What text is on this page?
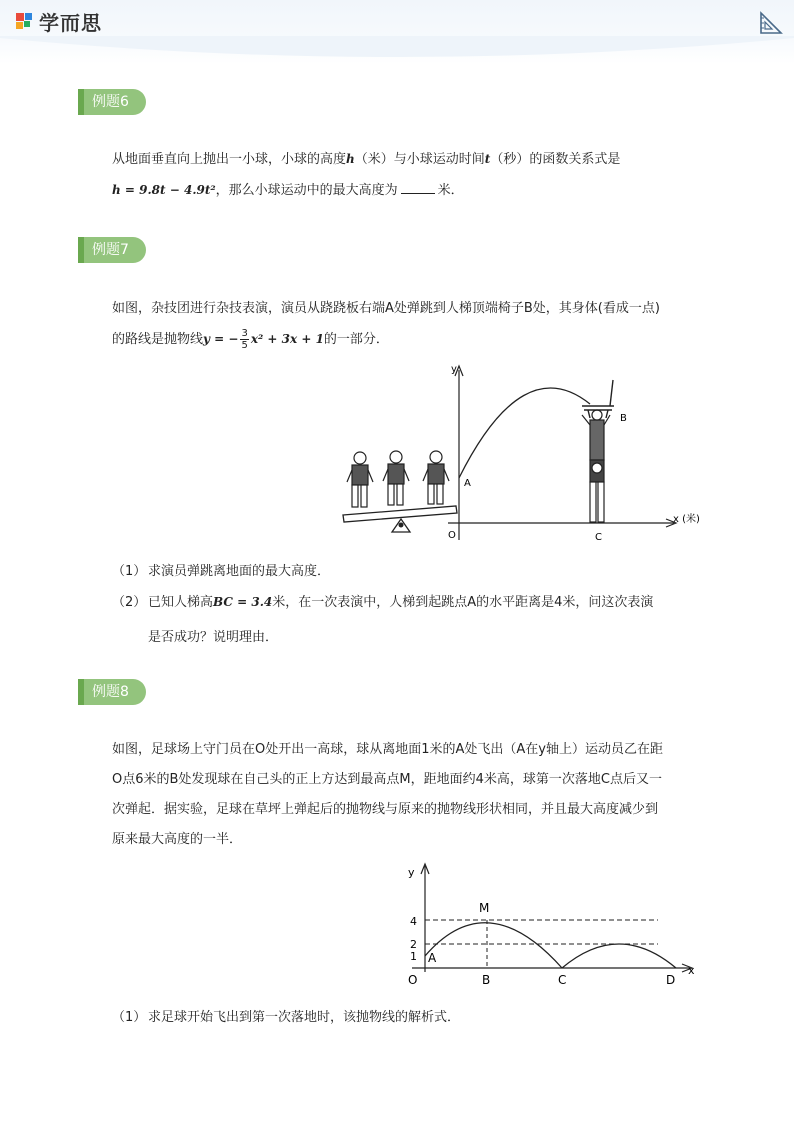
学而思
例题6
从地面垂直向上抛出一小球，小球的高度h（米）与小球运动时间t（秒）的函数关系式是
h = 9.8t − 4.9t²，那么小球运动中的最大高度为	米．
例题7
如图，杂技团进行杂技表演，演员从跷跷板右端A处弹跳到人梯顶端椅子B处，其身体(看成一点)
的路线是抛物线y = − $\frac{3}{5} x^2 + 3x + 1$的一部分．
y
x (米)
O
A
B
C
（1） 求演员弹跳离地面的最大高度．
（2） 已知人梯高BC = 3.4米，在一次表演中，人梯到起跳点A的水平距离是4米，问这次表演
是否成功？说明理由．
例题8
如图，足球场上守门员在O处开出一高球，球从离地面1米的A处飞出（A在y轴上）运动员乙在距
O点6米的B处发现球在自己头的正上方达到最高点M，距地面约4米高，球第一次落地C点后又一
次弹起．据实验，足球在草坪上弹起后的抛物线与原来的抛物线形状相同，并且最大高度减少到
原来最大高度的一半．
4
2
1
y
x
O
A
B	C	D
M
（1） 求足球开始飞出到第一次落地时，该抛物线的解析式．
